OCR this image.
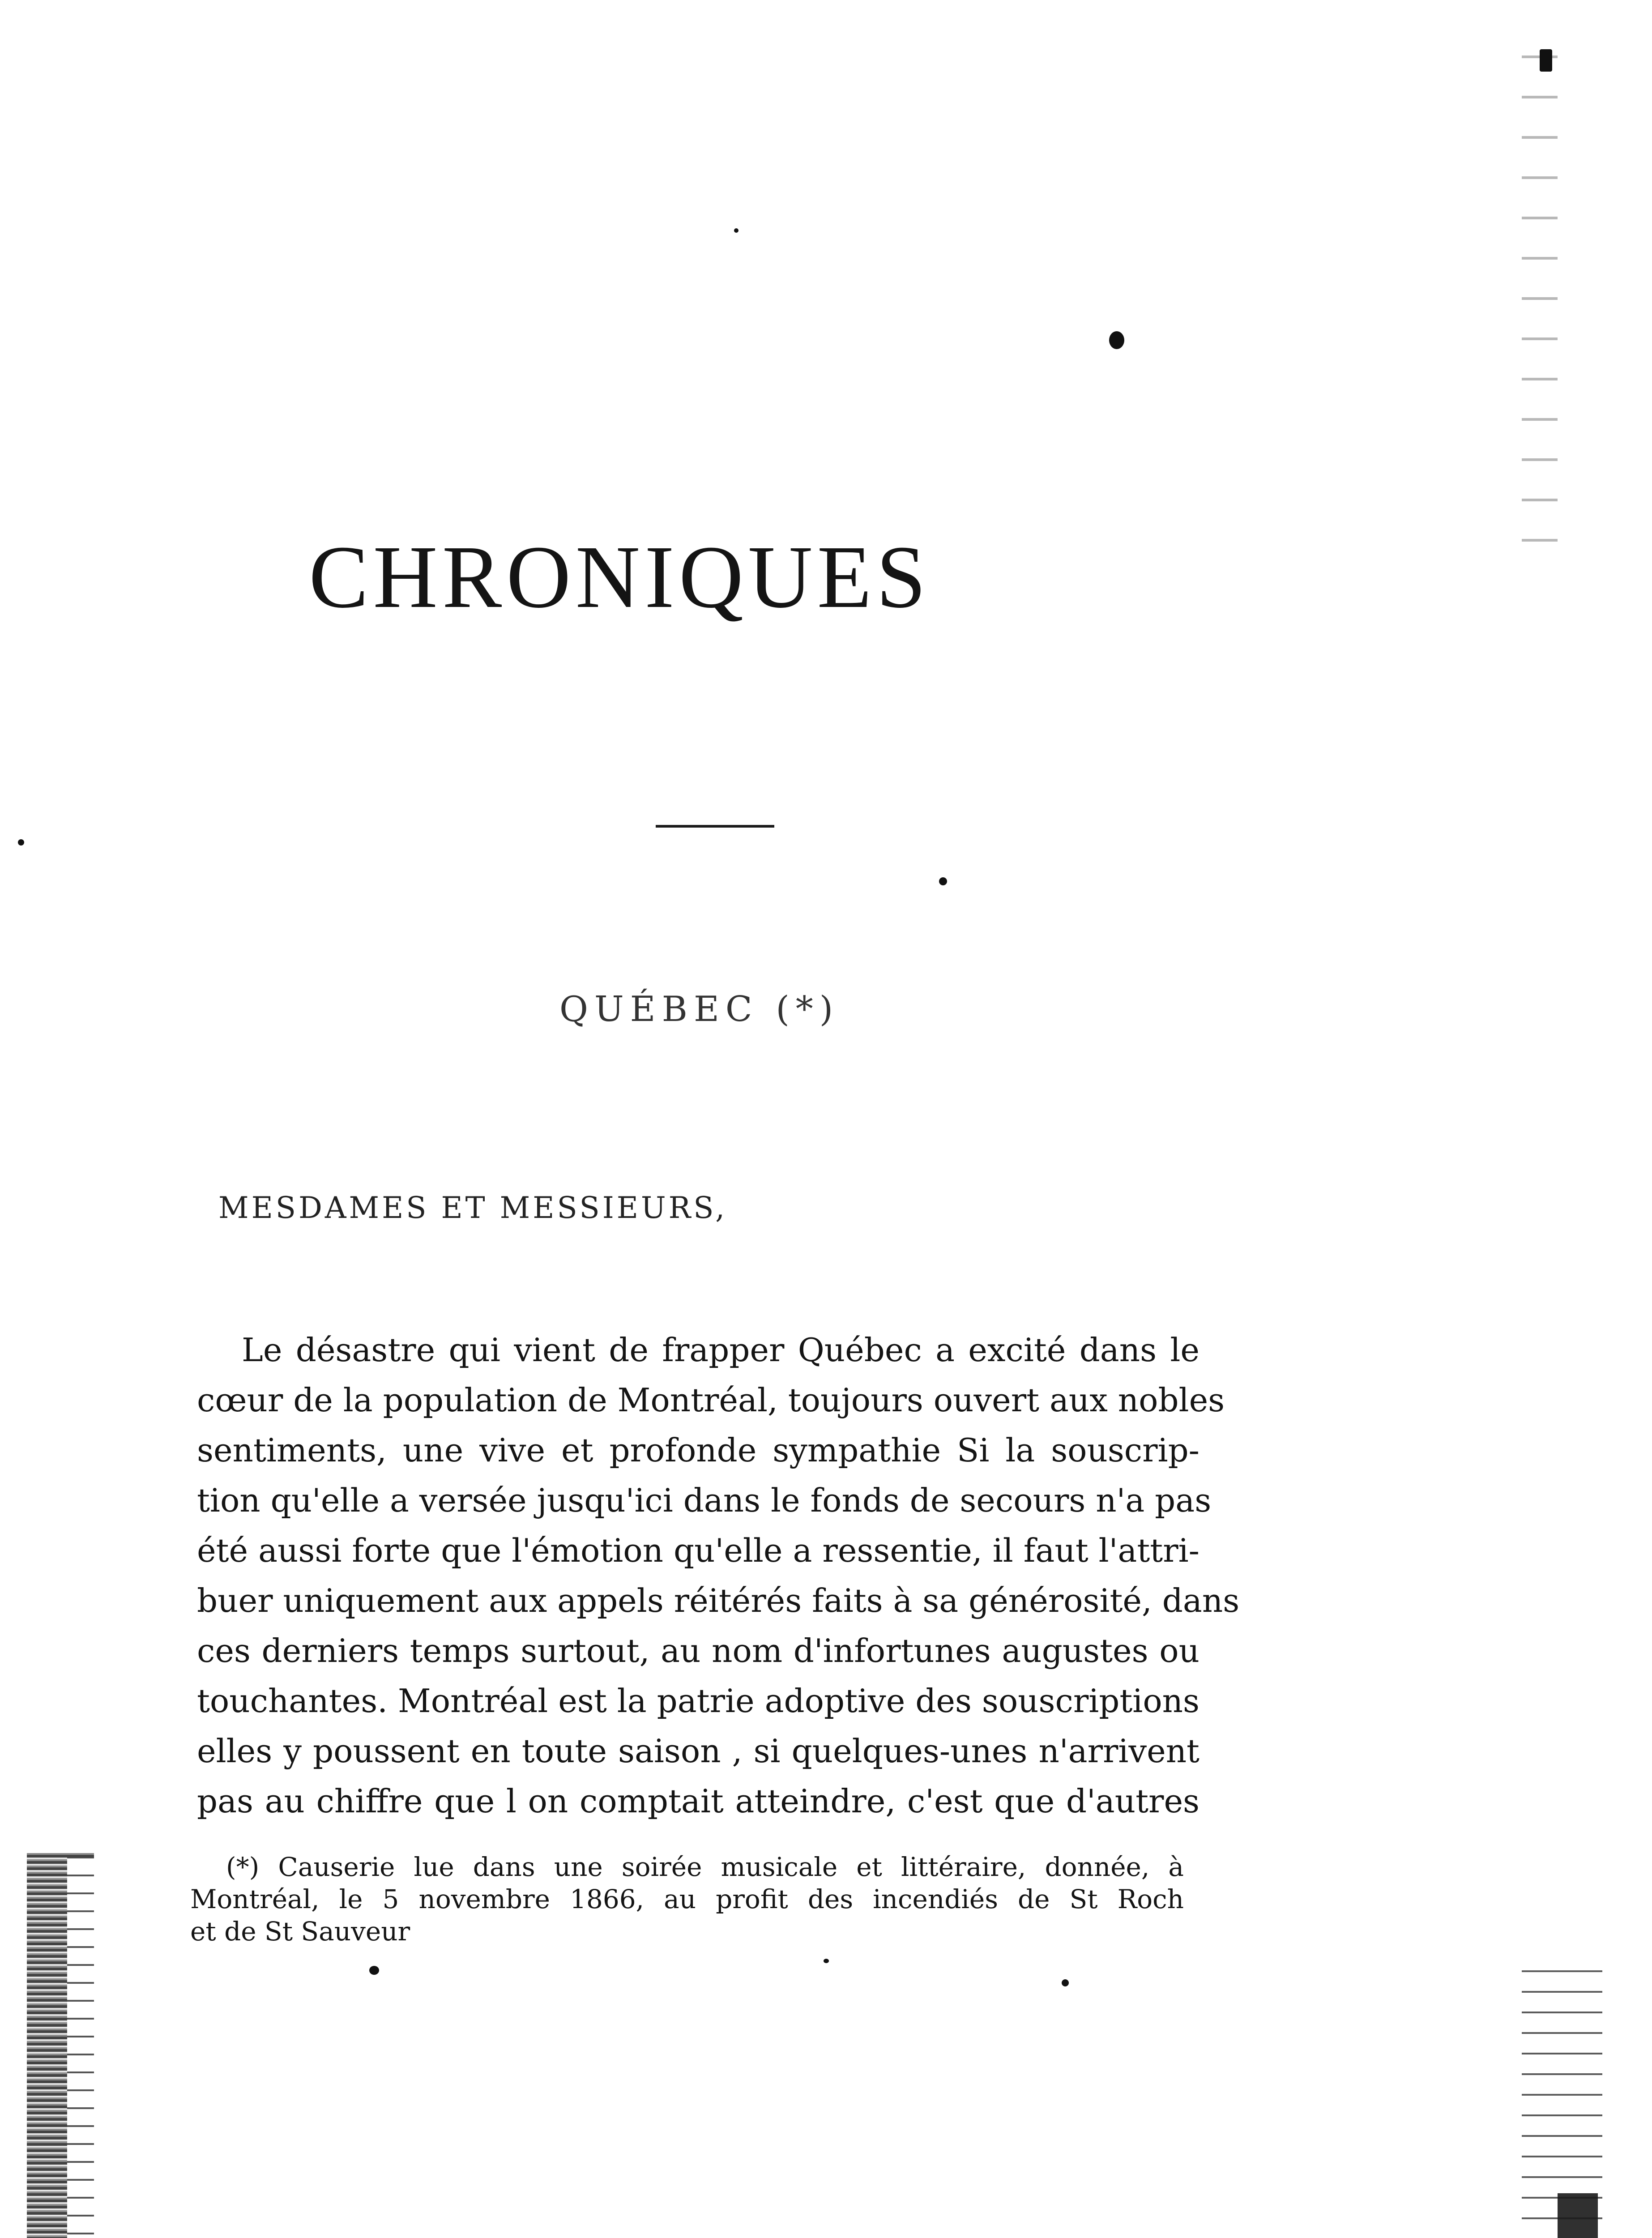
CHRONIQUES
QUÉBEC (*)
MESDAMES ET MESSIEURS,
Le désastre qui vient de frapper Québec a excité dans le
cœur de la population de Montréal, toujours ouvert aux nobles
sentiments, une vive et profonde sympathie Si la souscrip-
tion qu'elle a versée jusqu'ici dans le fonds de secours n'a pas
été aussi forte que l'émotion qu'elle a ressentie, il faut l'attri-
buer uniquement aux appels réitérés faits à sa générosité, dans
ces derniers temps surtout, au nom d'infortunes augustes ou
touchantes. Montréal est la patrie adoptive des souscriptions
elles y poussent en toute saison , si quelques-unes n'arrivent
pas au chiffre que l on comptait atteindre, c'est que d'autres
(*) Causerie lue dans une soirée musicale et littéraire, donnée, à
Montréal, le 5 novembre 1866, au profit des incendiés de St Roch
et de St Sauveur
